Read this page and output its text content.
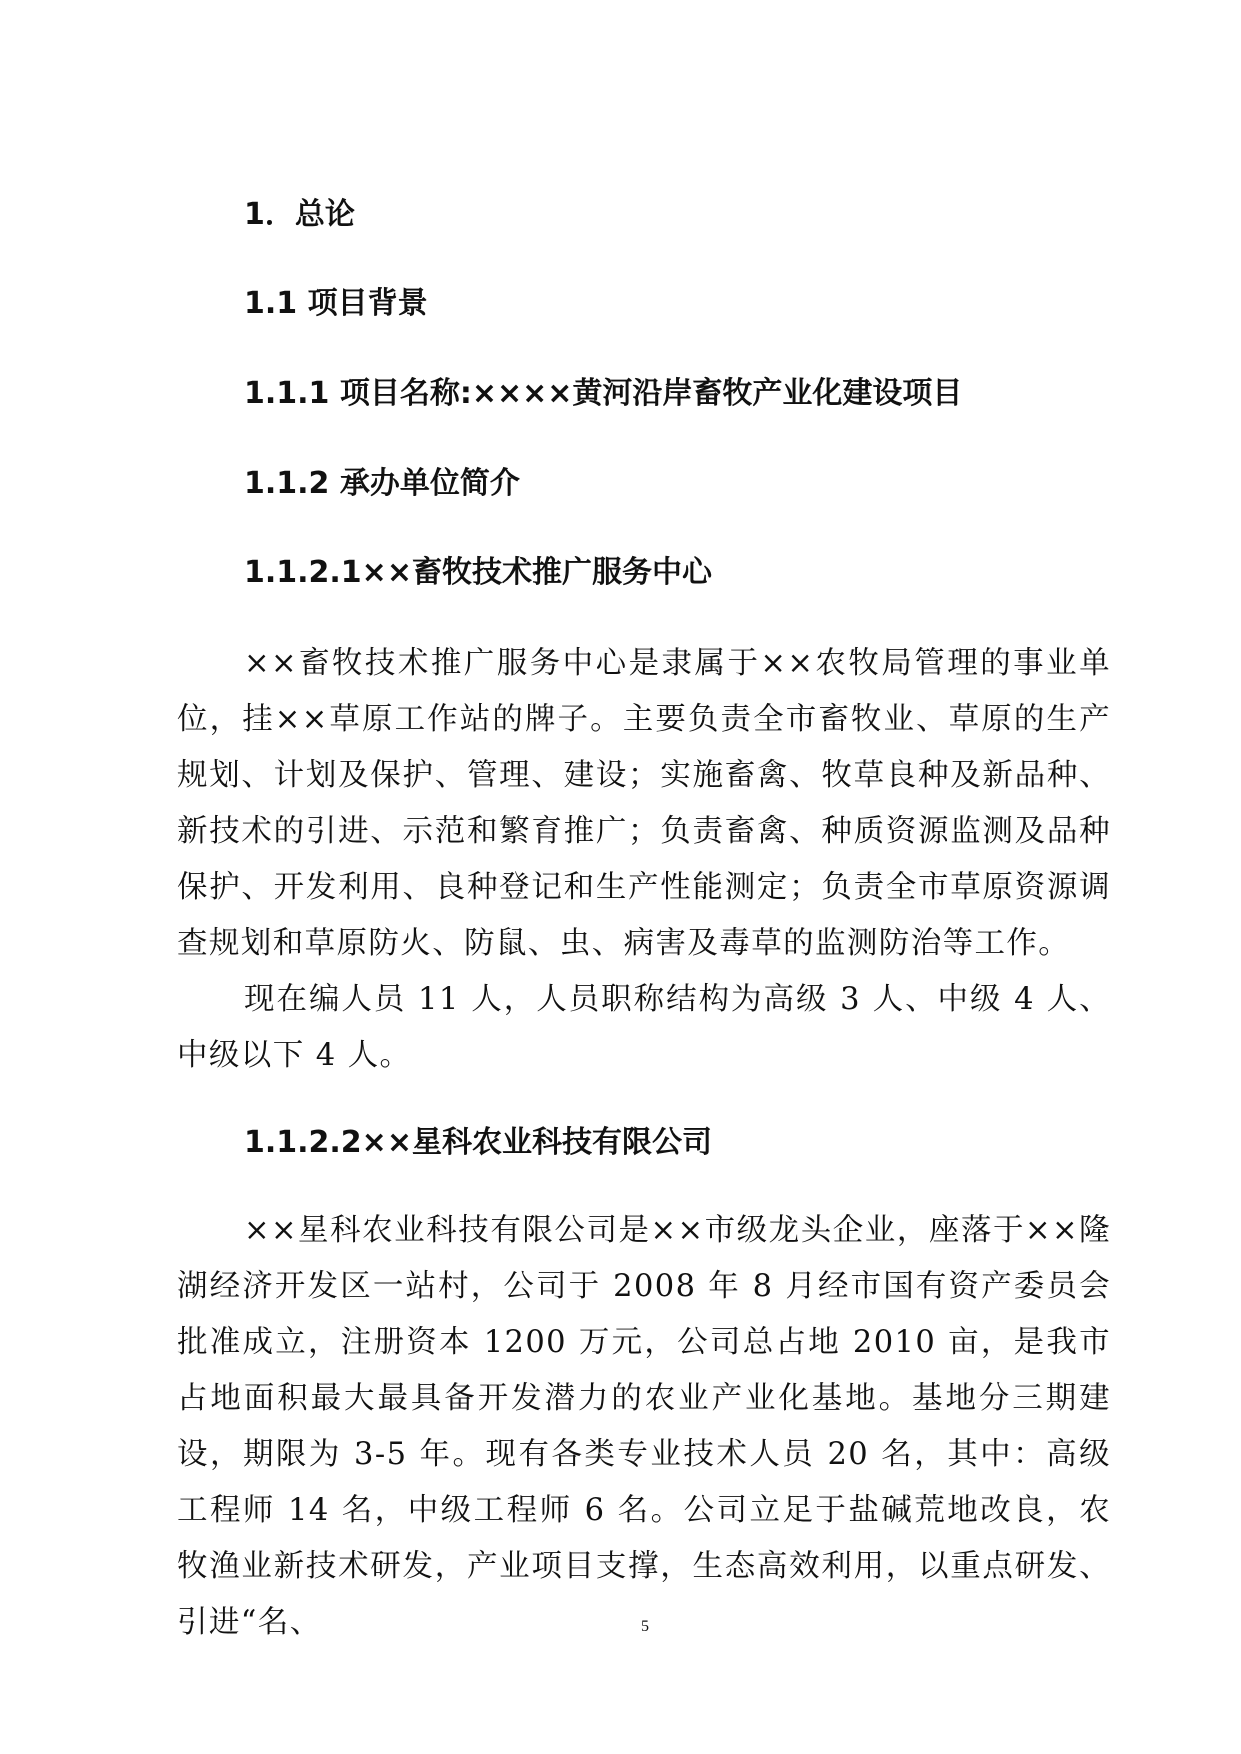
1．总论
1.1 项目背景
1.1.1 项目名称:××××黄河沿岸畜牧产业化建设项目
1.1.2 承办单位简介
1.1.2.1××畜牧技术推广服务中心

××畜牧技术推广服务中心是隶属于××农牧局管理的事业单位，挂××草原工作站的牌子。主要负责全市畜牧业、草原的生产规划、计划及保护、管理、建设；实施畜禽、牧草良种及新品种、新技术的引进、示范和繁育推广；负责畜禽、种质资源监测及品种保护、开发利用、良种登记和生产性能测定；负责全市草原资源调查规划和草原防火、防鼠、虫、病害及毒草的监测防治等工作。

现在编人员 11 人，人员职称结构为高级 3 人、中级 4 人、中级以下 4 人。

1.1.2.2××星科农业科技有限公司

××星科农业科技有限公司是××市级龙头企业，座落于××隆湖经济开发区一站村，公司于 2008 年 8 月经市国有资产委员会批准成立，注册资本 1200 万元，公司总占地 2010 亩，是我市占地面积最大最具备开发潜力的农业产业化基地。基地分三期建设，期限为 3-5 年。现有各类专业技术人员 20 名，其中：高级工程师 14 名，中级工程师 6 名。公司立足于盐碱荒地改良，农牧渔业新技术研发，产业项目支撑，生态高效利用，以重点研发、引进“名、	5
